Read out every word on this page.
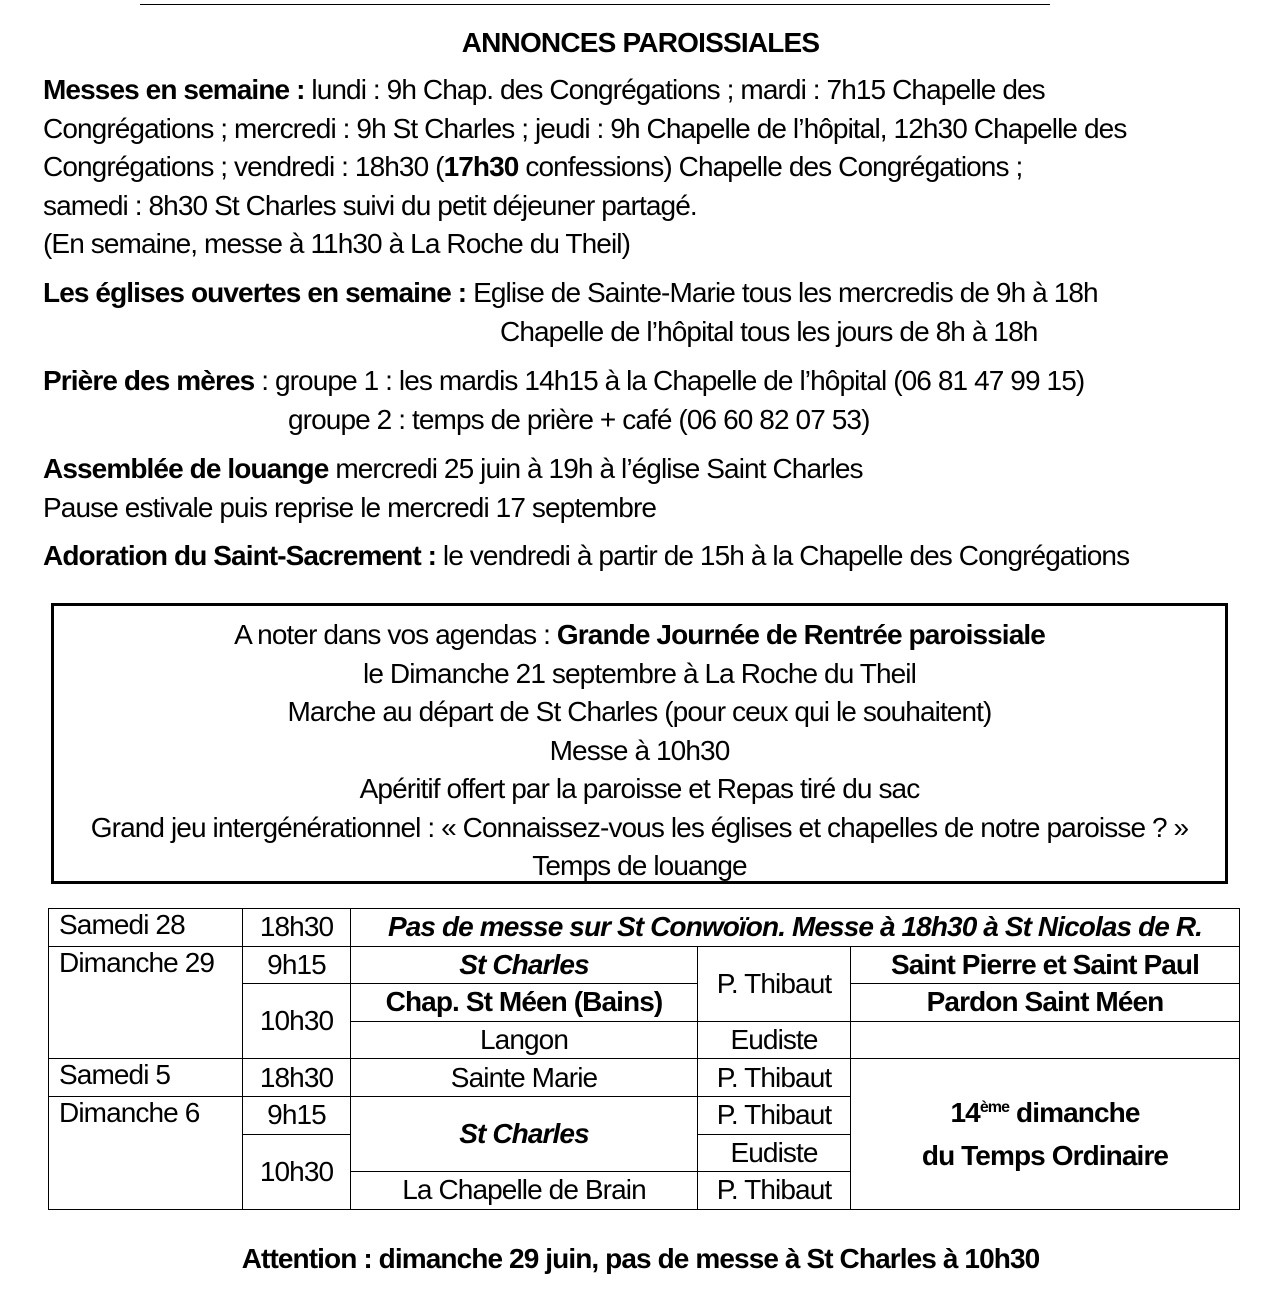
ANNONCES PAROISSIALES
Messes en semaine : lundi : 9h Chap. des Congrégations ; mardi : 7h15 Chapelle des
Congrégations ; mercredi : 9h St Charles ; jeudi : 9h Chapelle de l’hôpital, 12h30 Chapelle des
Congrégations ; vendredi : 18h30 (17h30 confessions) Chapelle des Congrégations ;
samedi : 8h30 St Charles suivi du petit déjeuner partagé.
(En semaine, messe à 11h30 à La Roche du Theil)
Les églises ouvertes en semaine : Eglise de Sainte-Marie tous les mercredis de 9h à 18h
Chapelle de l’hôpital tous les jours de 8h à 18h
Prière des mères : groupe 1 : les mardis 14h15 à la Chapelle de l’hôpital (06 81 47 99 15)
groupe 2 : temps de prière + café (06 60 82 07 53)
Assemblée de louange mercredi 25 juin à 19h à l’église Saint Charles
Pause estivale puis reprise le mercredi 17 septembre
Adoration du Saint-Sacrement : le vendredi à partir de 15h à la Chapelle des Congrégations
A noter dans vos agendas : Grande Journée de Rentrée paroissiale
le Dimanche 21 septembre à La Roche du Theil
Marche au départ de St Charles (pour ceux qui le souhaitent)
Messe à 10h30
Apéritif offert par la paroisse et Repas tiré du sac
Grand jeu intergénérationnel : « Connaissez-vous les églises et chapelles de notre paroisse ? »
Temps de louange
Samedi 28	18h30	Pas de messe sur St Conwoïon. Messe à 18h30 à St Nicolas de R.		
Dimanche 29	9h15	St Charles	P. Thibaut	Saint Pierre et Saint Paul
	10h30	Chap. St Méen (Bains)		Pardon Saint Méen
		Langon	Eudiste	
Samedi 5	18h30	Sainte Marie	P. Thibaut	14ème dimanche
du Temps Ordinaire

Dimanche 6	9h15	St Charles	P. Thibaut	
	10h30		Eudiste	
		La Chapelle de Brain	P. Thibaut	
Attention : dimanche 29 juin, pas de messe à St Charles à 10h30
